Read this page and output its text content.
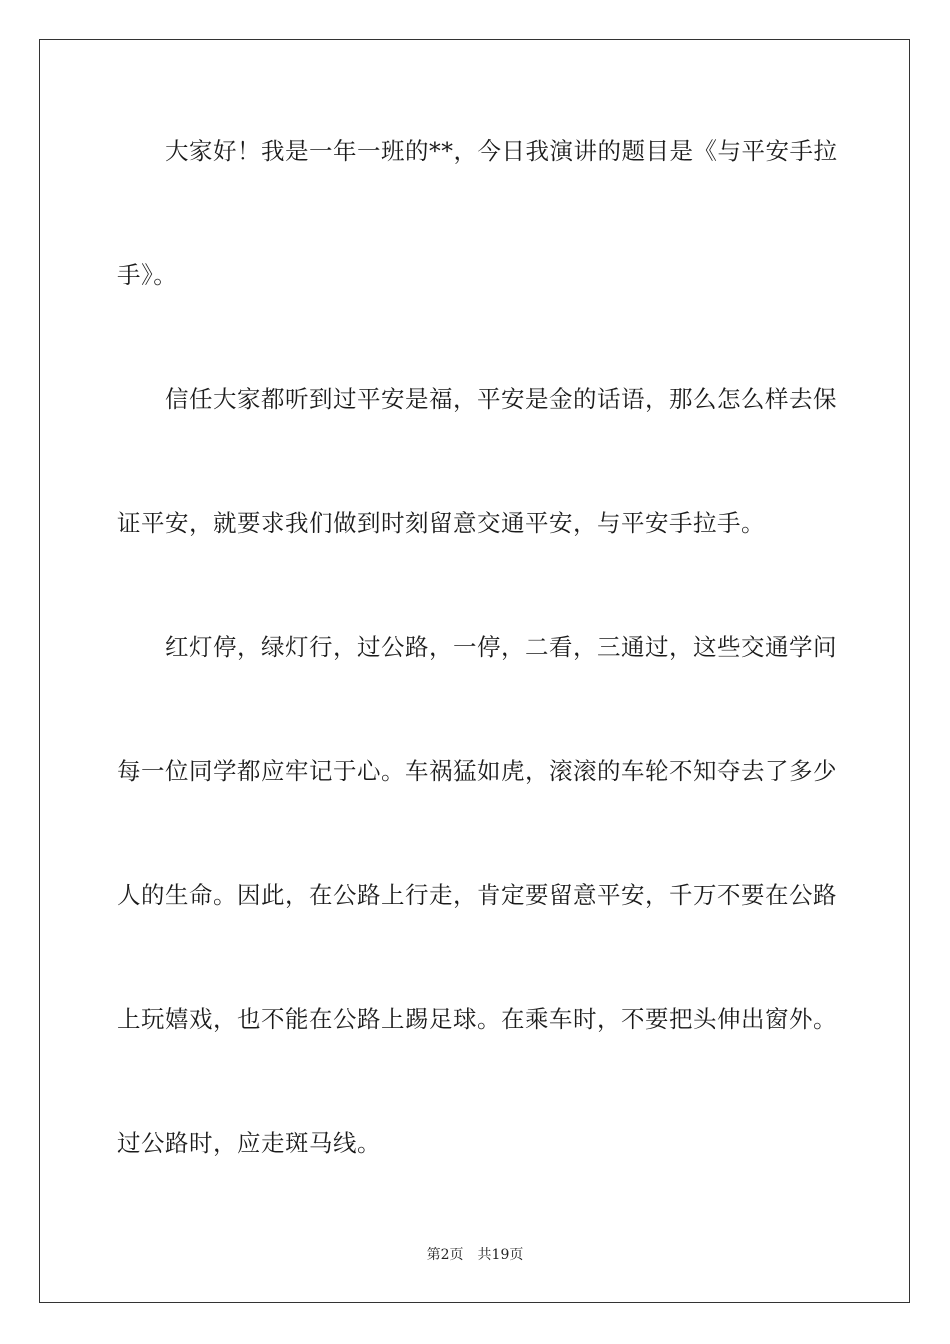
大家好！我是一年一班的**，今日我演讲的题目是《与平安手拉
手》。
信任大家都听到过平安是福，平安是金的话语，那么怎么样去保
证平安，就要求我们做到时刻留意交通平安，与平安手拉手。
红灯停，绿灯行，过公路，一停，二看，三通过，这些交通学问
每一位同学都应牢记于心。车祸猛如虎，滚滚的车轮不知夺去了多少
人的生命。因此，在公路上行走，肯定要留意平安，千万不要在公路
上玩嬉戏，也不能在公路上踢足球。在乘车时，不要把头伸出窗外。
过公路时，应走斑马线。
第2页 共19页
